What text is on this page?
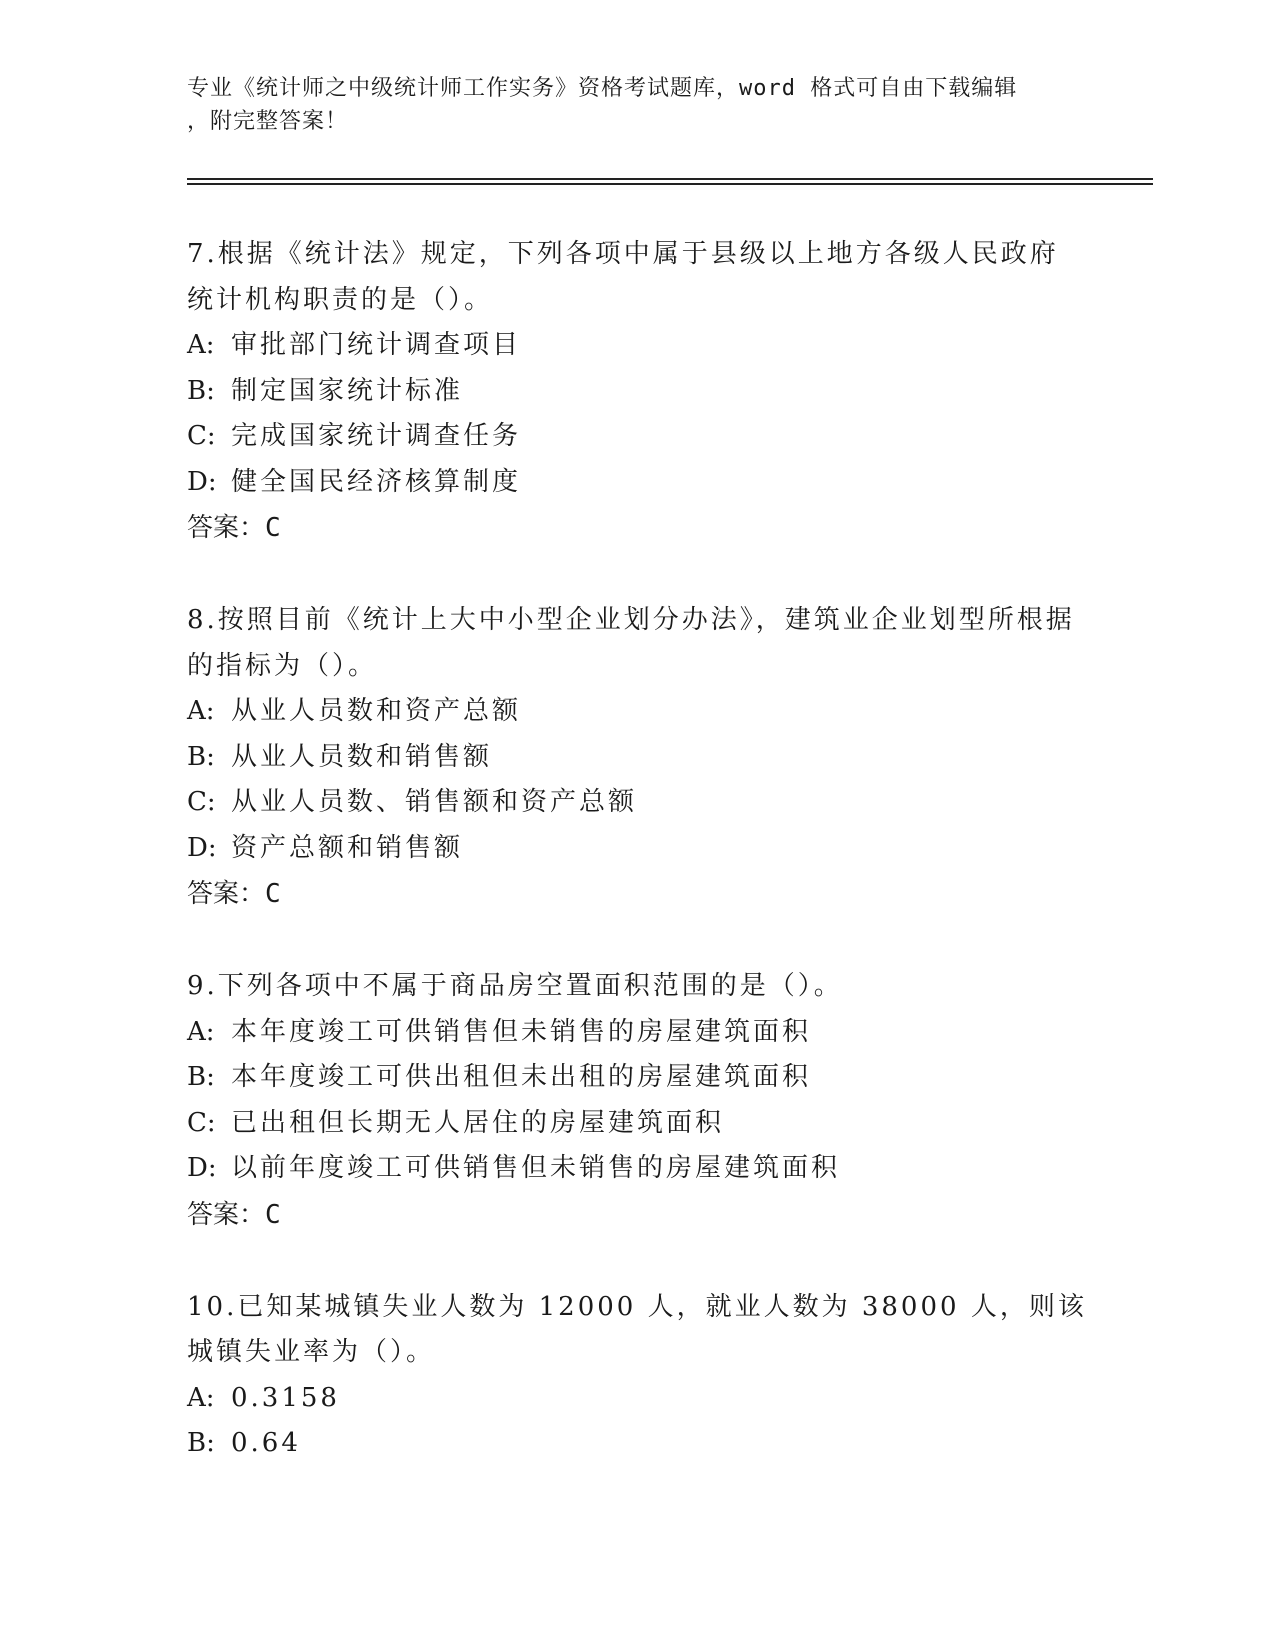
专业《统计师之中级统计师工作实务》资格考试题库，word 格式可自由下载编辑
，附完整答案！

7.根据《统计法》规定，下列各项中属于县级以上地方各级人民政府统计机构职责的是（）。

A: 审批部门统计调查项目

B: 制定国家统计标准

C: 完成国家统计调查任务

D: 健全国民经济核算制度

答案：C

8.按照目前《统计上大中小型企业划分办法》，建筑业企业划型所根据的指标为（）。

A: 从业人员数和资产总额

B: 从业人员数和销售额

C: 从业人员数、销售额和资产总额

D: 资产总额和销售额

答案：C

9.下列各项中不属于商品房空置面积范围的是（）。

A: 本年度竣工可供销售但未销售的房屋建筑面积

B: 本年度竣工可供出租但未出租的房屋建筑面积

C: 已出租但长期无人居住的房屋建筑面积

D: 以前年度竣工可供销售但未销售的房屋建筑面积

答案：C

10.已知某城镇失业人数为 12000 人，就业人数为 38000 人，则该城镇失业率为（）。

A: 0.3158

B: 0.64
